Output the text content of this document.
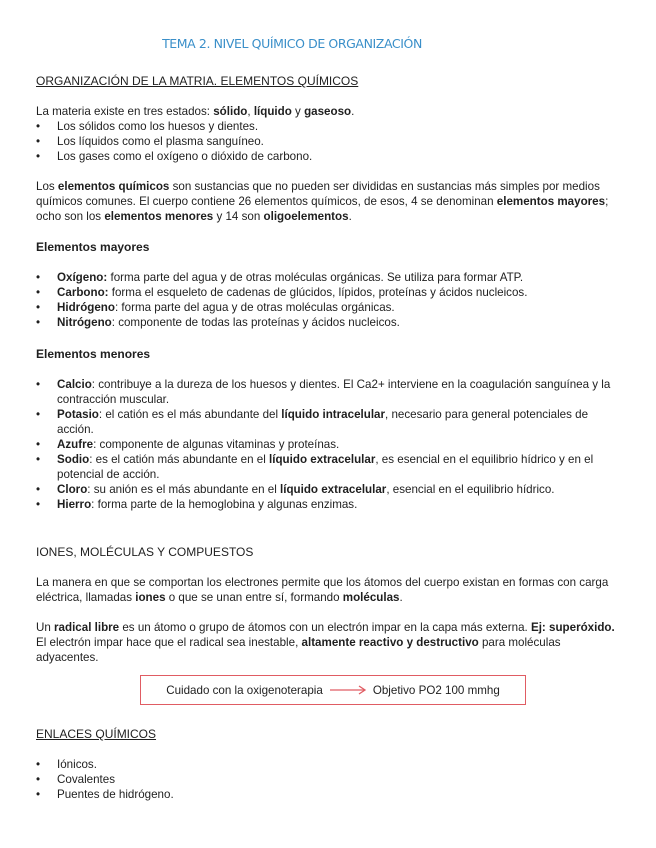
TEMA 2. NIVEL QUÍMICO DE ORGANIZACIÓN
ORGANIZACIÓN DE LA MATRIA. ELEMENTOS QUÍMICOS
La materia existe en tres estados: sólido, líquido y gaseoso.
• Los sólidos como los huesos y dientes.
• Los líquidos como el plasma sanguíneo.
• Los gases como el oxígeno o dióxido de carbono.
Los elementos químicos son sustancias que no pueden ser divididas en sustancias más simples por medios químicos comunes. El cuerpo contiene 26 elementos químicos, de esos, 4 se denominan elementos mayores; ocho son los elementos menores y 14 son oligoelementos.
Elementos mayores
• Oxígeno: forma parte del agua y de otras moléculas orgánicas. Se utiliza para formar ATP.
• Carbono: forma el esqueleto de cadenas de glúcidos, lípidos, proteínas y ácidos nucleicos.
• Hidrógeno: forma parte del agua y de otras moléculas orgánicas.
• Nitrógeno: componente de todas las proteínas y ácidos nucleicos.
Elementos menores
• Calcio: contribuye a la dureza de los huesos y dientes. El Ca2+ interviene en la coagulación sanguínea y la contracción muscular.
• Potasio: el catión es el más abundante del líquido intracelular, necesario para general potenciales de acción.
• Azufre: componente de algunas vitaminas y proteínas.
• Sodio: es el catión más abundante en el líquido extracelular, es esencial en el equilibrio hídrico y en el potencial de acción.
• Cloro: su anión es el más abundante en el líquido extracelular, esencial en el equilibrio hídrico.
• Hierro: forma parte de la hemoglobina y algunas enzimas.
IONES, MOLÉCULAS Y COMPUESTOS
La manera en que se comportan los electrones permite que los átomos del cuerpo existan en formas con carga eléctrica, llamadas iones o que se unan entre sí, formando moléculas.
Un radical libre es un átomo o grupo de átomos con un electrón impar en la capa más externa. Ej: superóxido. El electrón impar hace que el radical sea inestable, altamente reactivo y destructivo para moléculas adyacentes.
Cuidado con la oxigenoterapia	Objetivo PO2 100 mmhg
ENLACES QUÍMICOS
• Iónicos.
• Covalentes
• Puentes de hidrógeno.
